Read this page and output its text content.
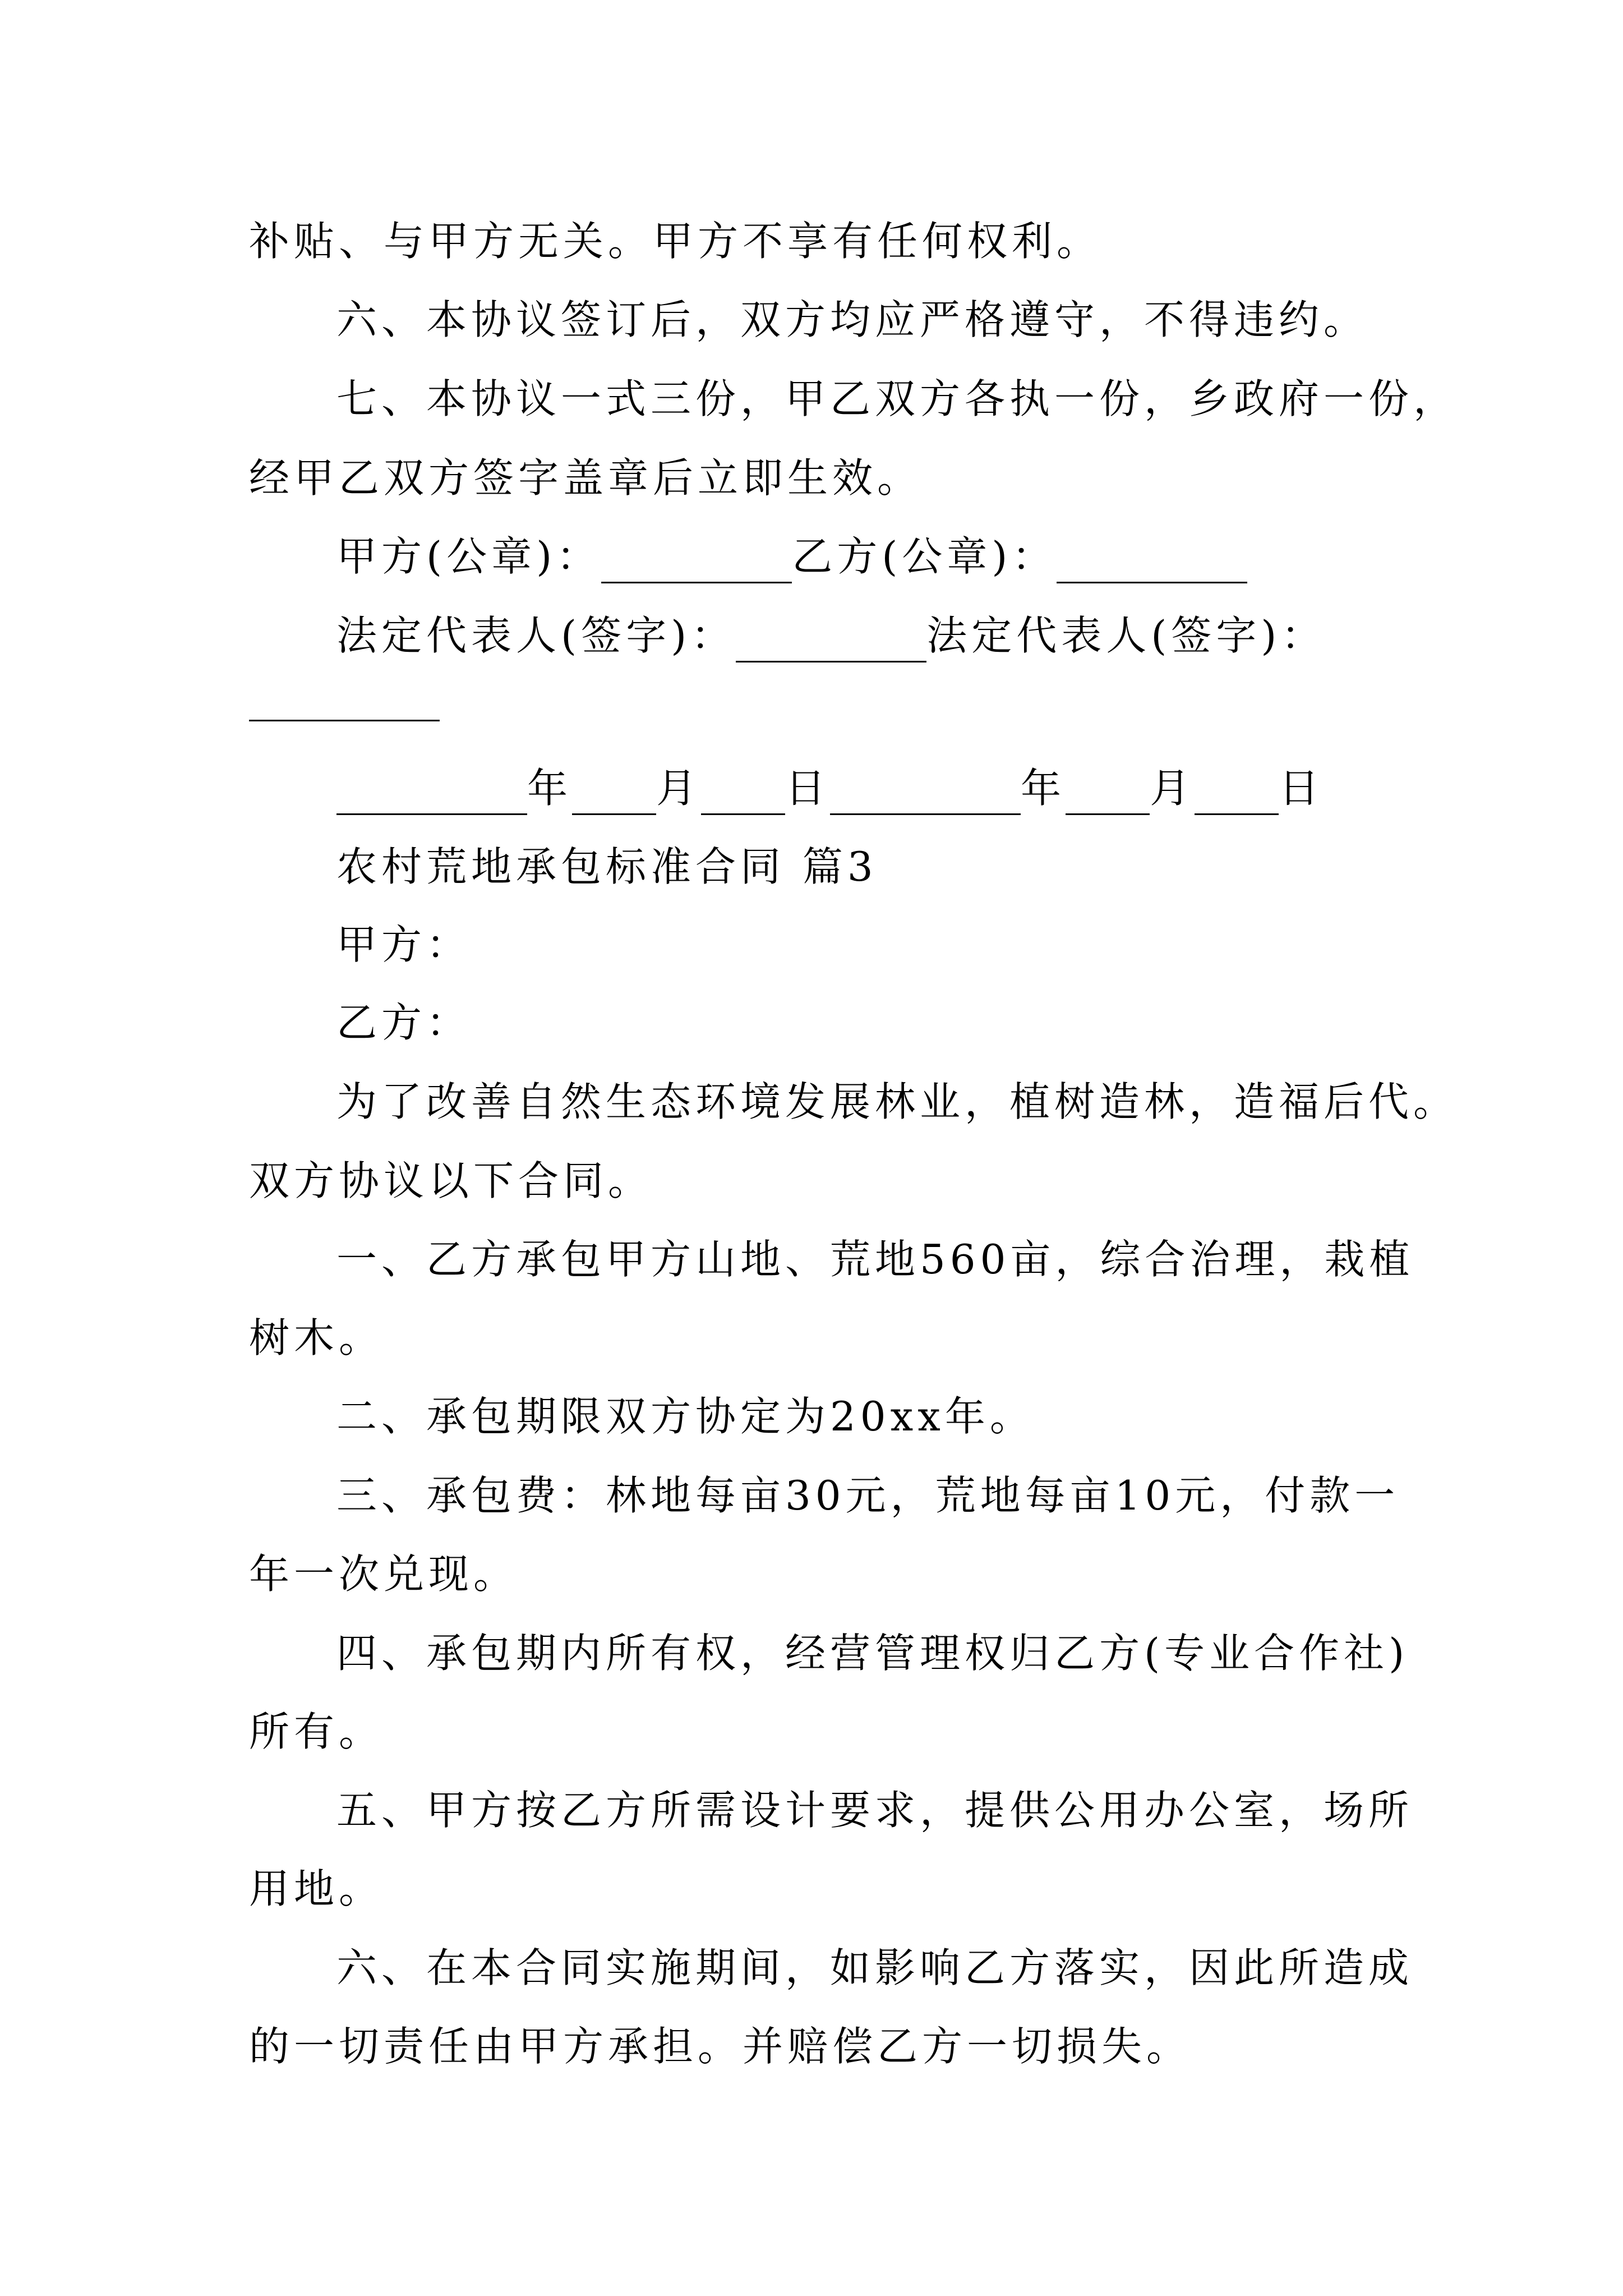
补贴、与甲方无关。甲方不享有任何权利。
六、本协议签订后，双方均应严格遵守，不得违约。
七、本协议一式三份，甲乙双方各执一份，乡政府一份，
经甲乙双方签字盖章后立即生效。
甲方(公章)：	乙方(公章)：
法定代表人(签字)：	法定代表人(签字)：
年 月 日	年 月 日
农村荒地承包标准合同 篇3
甲方：
乙方：
为了改善自然生态环境发展林业，植树造林，造福后代。
双方协议以下合同。
一、乙方承包甲方山地、荒地560亩，综合治理，栽植
树木。
二、承包期限双方协定为20xx年。
三、承包费：林地每亩30元，荒地每亩10元，付款一
年一次兑现。
四、承包期内所有权，经营管理权归乙方(专业合作社)
所有。
五、甲方按乙方所需设计要求，提供公用办公室，场所
用地。
六、在本合同实施期间，如影响乙方落实，因此所造成
的一切责任由甲方承担。并赔偿乙方一切损失。
